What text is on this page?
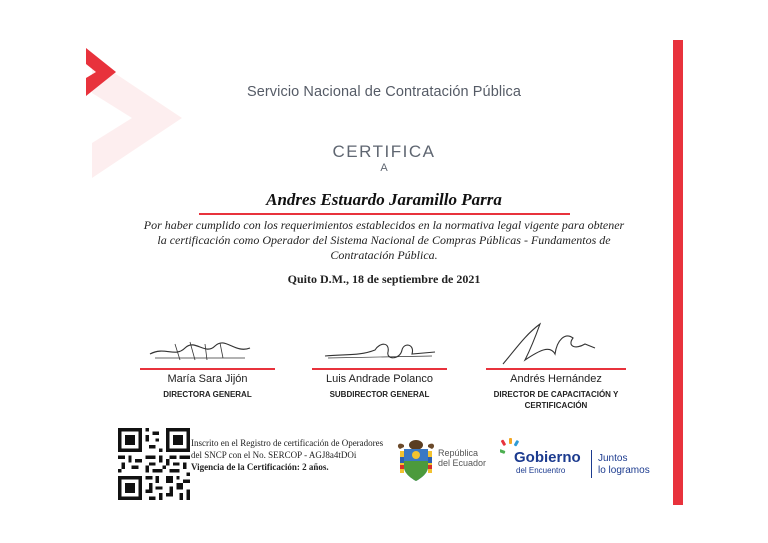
Servicio Nacional de Contratación Pública
CERTIFICA
A
Andres Estuardo Jaramillo Parra
Por haber cumplido con los requerimientos establecidos en la normativa legal vigente para obtener la certificación como Operador del Sistema Nacional de Compras Públicas - Fundamentos de Contratación Pública.
Quito D.M., 18 de septiembre de 2021
María Sara Jijón
DIRECTORA GENERAL
Luis Andrade Polanco
SUBDIRECTOR GENERAL
Andrés Hernández
DIRECTOR DE CAPACITACIÓN Y CERTIFICACIÓN
Inscrito en el Registro de certificación de Operadores del SNCP con el No. SERCOP - AGJ8a4tDOi
Vigencia de la Certificación: 2 años.
República
del Ecuador Gobierno
del Encuentro
Juntos
lo logramos
